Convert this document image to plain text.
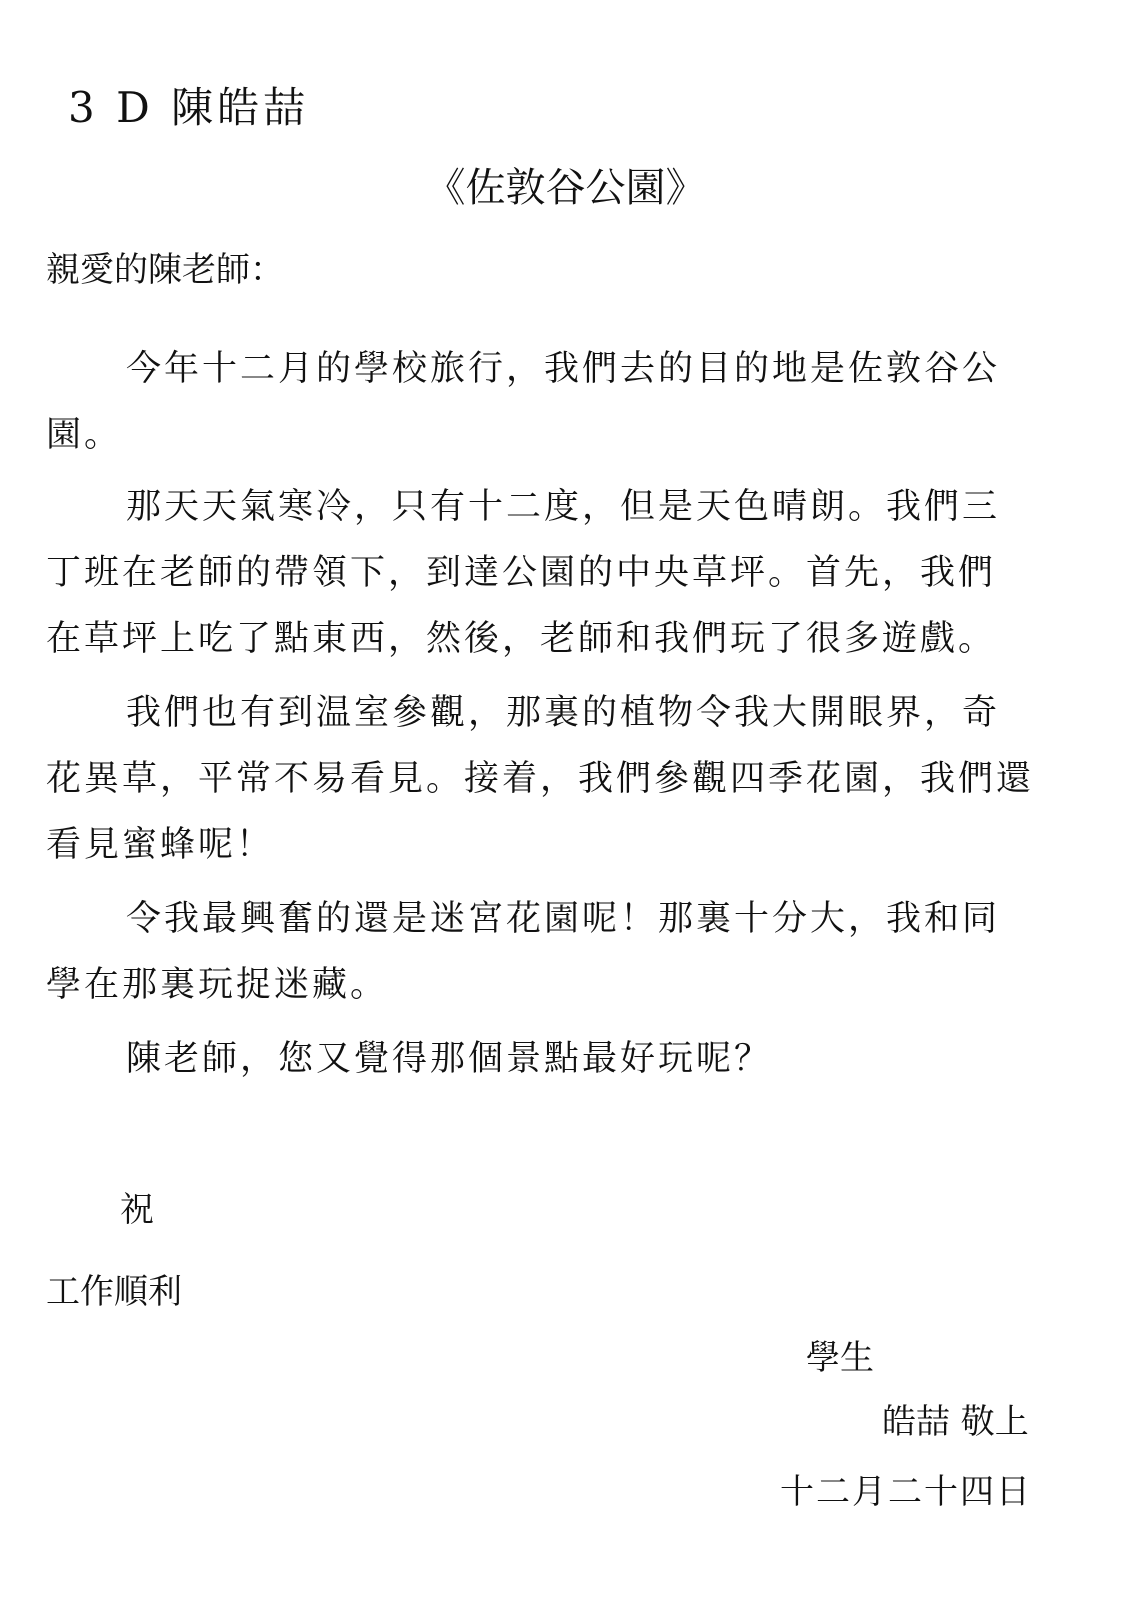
3 D 陳皓喆
《佐敦谷公園》
親愛的陳老師：
今年十二月的學校旅行，我們去的目的地是佐敦谷公
園。
那天天氣寒冷，只有十二度，但是天色晴朗。我們三
丁班在老師的帶領下，到達公園的中央草坪。首先，我們
在草坪上吃了點東西，然後，老師和我們玩了很多遊戲。
我們也有到温室參觀，那裏的植物令我大開眼界，奇
花異草，平常不易看見。接着，我們參觀四季花園，我們還
看見蜜蜂呢！
令我最興奮的還是迷宮花園呢！那裏十分大，我和同
學在那裏玩捉迷藏。
陳老師，您又覺得那個景點最好玩呢？
祝
工作順利
學生
皓喆 敬上
十二月二十四日
